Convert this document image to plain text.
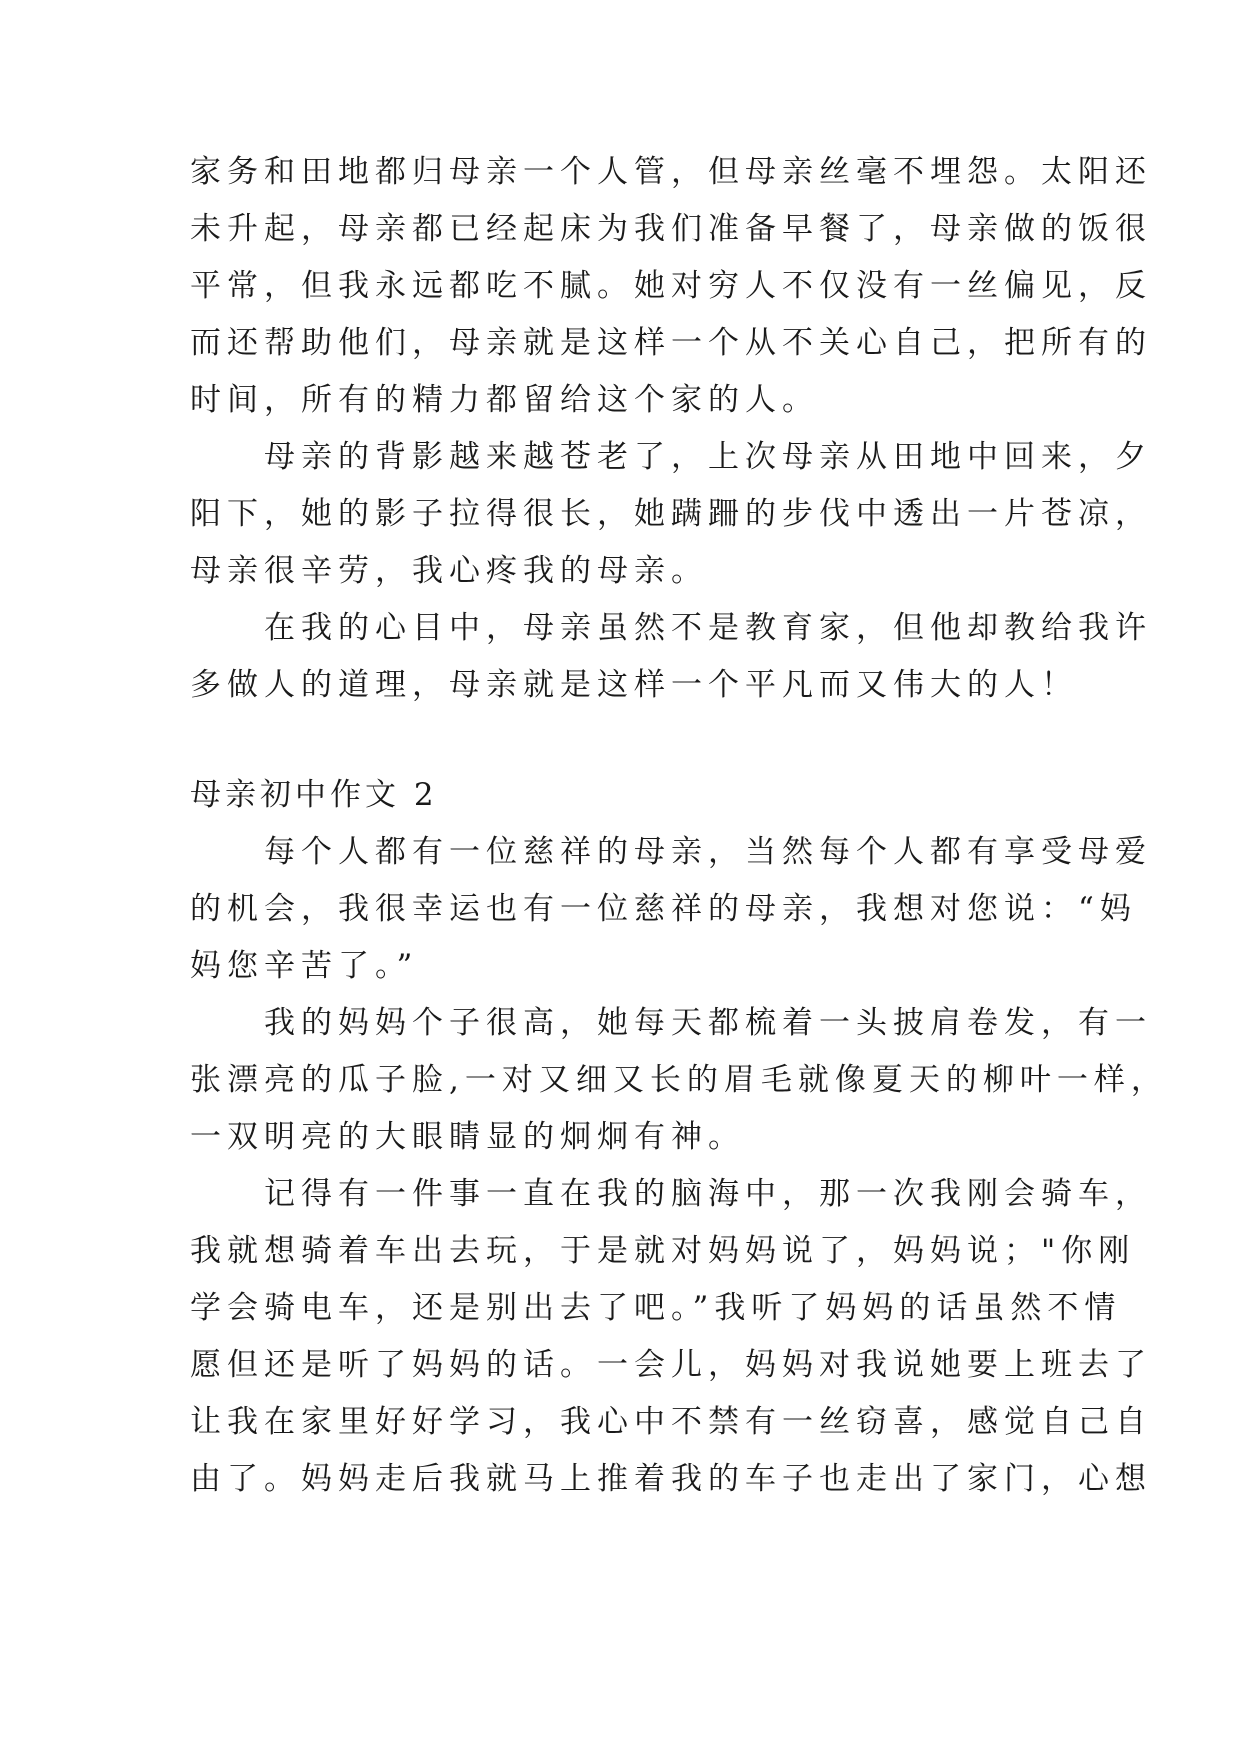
家务和田地都归母亲一个人管，但母亲丝毫不埋怨。太阳还
未升起，母亲都已经起床为我们准备早餐了，母亲做的饭很
平常，但我永远都吃不腻。她对穷人不仅没有一丝偏见，反
而还帮助他们，母亲就是这样一个从不关心自己，把所有的
时间，所有的精力都留给这个家的人。
　　母亲的背影越来越苍老了，上次母亲从田地中回来，夕
阳下，她的影子拉得很长，她蹒跚的步伐中透出一片苍凉，
母亲很辛劳，我心疼我的母亲。
　　在我的心目中，母亲虽然不是教育家，但他却教给我许
多做人的道理，母亲就是这样一个平凡而又伟大的人！
母亲初中作文 2
　　每个人都有一位慈祥的母亲，当然每个人都有享受母爱
的机会，我很幸运也有一位慈祥的母亲，我想对您说：“妈
妈您辛苦了。”
　　我的妈妈个子很高，她每天都梳着一头披肩卷发，有一
张漂亮的瓜子脸,一对又细又长的眉毛就像夏天的柳叶一样，
一双明亮的大眼睛显的炯炯有神。
　　记得有一件事一直在我的脑海中，那一次我刚会骑车，
我就想骑着车出去玩，于是就对妈妈说了，妈妈说；"你刚
学会骑电车，还是别出去了吧。”我听了妈妈的话虽然不情
愿但还是听了妈妈的话。一会儿，妈妈对我说她要上班去了
让我在家里好好学习，我心中不禁有一丝窃喜，感觉自己自
由了。妈妈走后我就马上推着我的车子也走出了家门，心想
